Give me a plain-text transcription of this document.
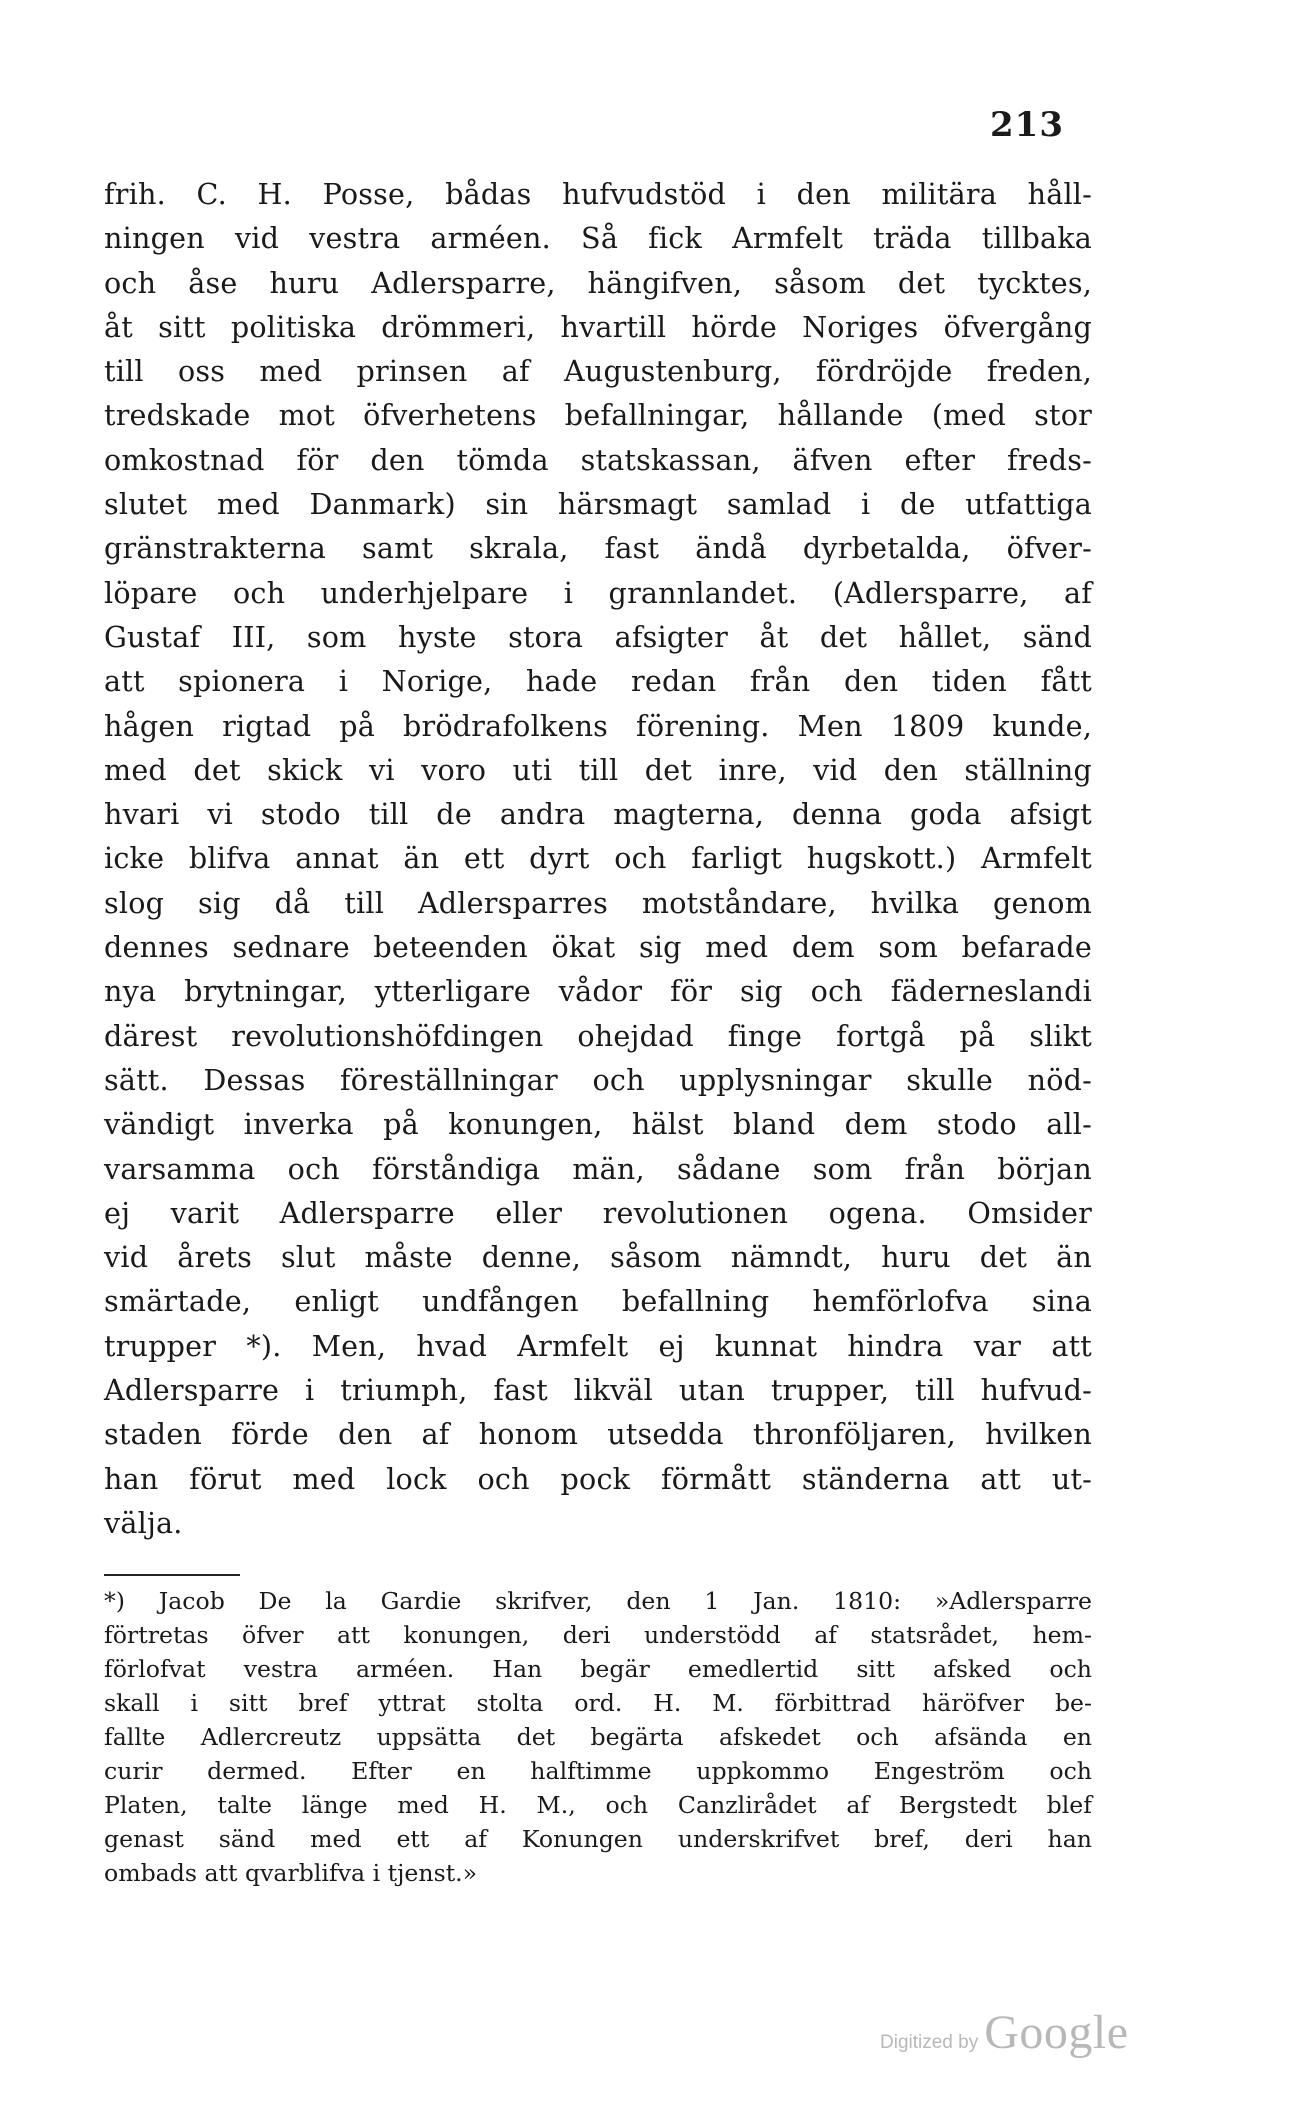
213
frih. C. H. Posse, bådas hufvudstöd i den militära håll-
ningen vid vestra arméen. Så fick Armfelt träda tillbaka
och åse huru Adlersparre, hängifven, såsom det tycktes,
åt sitt politiska drömmeri, hvartill hörde Noriges öfvergång
till oss med prinsen af Augustenburg, fördröjde freden,
tredskade mot öfverhetens befallningar, hållande (med stor
omkostnad för den tömda statskassan, äfven efter freds-
slutet med Danmark) sin härsmagt samlad i de utfattiga
gränstrakterna samt skrala, fast ändå dyrbetalda, öfver-
löpare och underhjelpare i grannlandet. (Adlersparre, af
Gustaf III, som hyste stora afsigter åt det hållet, sänd
att spionera i Norige, hade redan från den tiden fått
hågen rigtad på brödrafolkens förening. Men 1809 kunde,
med det skick vi voro uti till det inre, vid den ställning
hvari vi stodo till de andra magterna, denna goda afsigt
icke blifva annat än ett dyrt och farligt hugskott.) Armfelt
slog sig då till Adlersparres motståndare, hvilka genom
dennes sednare beteenden ökat sig med dem som befarade
nya brytningar, ytterligare vådor för sig och fäderneslandi
därest revolutionshöfdingen ohejdad finge fortgå på slikt
sätt. Dessas föreställningar och upplysningar skulle nöd-
vändigt inverka på konungen, hälst bland dem stodo all-
varsamma och förståndiga män, sådane som från början
ej varit Adlersparre eller revolutionen ogena. Omsider
vid årets slut måste denne, såsom nämndt, huru det än
smärtade, enligt undfången befallning hemförlofva sina
trupper *). Men, hvad Armfelt ej kunnat hindra var att
Adlersparre i triumph, fast likväl utan trupper, till hufvud-
staden förde den af honom utsedda thronföljaren, hvilken
han förut med lock och pock förmått ständerna att ut-
välja.
*) Jacob De la Gardie skrifver, den 1 Jan. 1810: »Adlersparre
förtretas öfver att konungen, deri understödd af statsrådet, hem-
förlofvat vestra arméen. Han begär emedlertid sitt afsked och
skall i sitt bref yttrat stolta ord. H. M. förbittrad häröfver be-
fallte Adlercreutz uppsätta det begärta afskedet och afsända en
curir dermed. Efter en halftimme uppkommo Engeström och
Platen, talte länge med H. M., och Canzlirådet af Bergstedt blef
genast sänd med ett af Konungen underskrifvet bref, deri han
ombads att qvarblifva i tjenst.»
Digitized by Google
